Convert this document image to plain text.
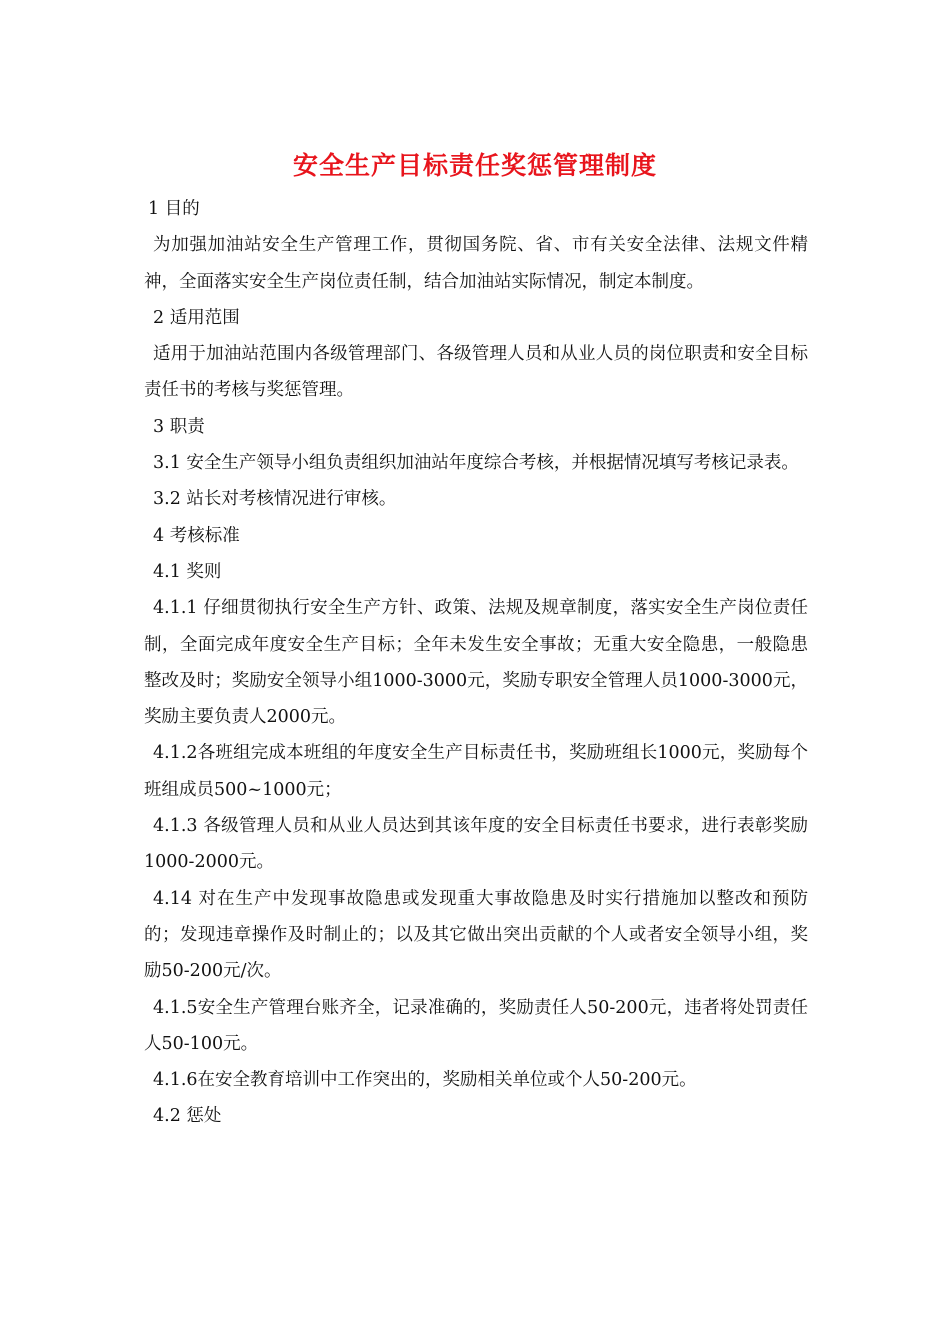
安全生产目标责任奖惩管理制度

1 目的

为加强加油站安全生产管理工作，贯彻国务院、省、市有关安全法律、法规文件精神，全面落实安全生产岗位责任制，结合加油站实际情况，制定本制度。

2 适用范围

适用于加油站范围内各级管理部门、各级管理人员和从业人员的岗位职责和安全目标责任书的考核与奖惩管理。

3 职责

3.1 安全生产领导小组负责组织加油站年度综合考核，并根据情况填写考核记录表。

3.2 站长对考核情况进行审核。

4 考核标准

4.1 奖则

4.1.1 仔细贯彻执行安全生产方针、政策、法规及规章制度，落实安全生产岗位责任制，全面完成年度安全生产目标；全年未发生安全事故；无重大安全隐患，一般隐患整改及时；奖励安全领导小组1000-3000元，奖励专职安全管理人员1000-3000元，奖励主要负责人2000元。

4.1.2各班组完成本班组的年度安全生产目标责任书，奖励班组长1000元，奖励每个班组成员500~1000元；

4.1.3 各级管理人员和从业人员达到其该年度的安全目标责任书要求，进行表彰奖励1000-2000元。

4.14 对在生产中发现事故隐患或发现重大事故隐患及时实行措施加以整改和预防的；发现违章操作及时制止的；以及其它做出突出贡献的个人或者安全领导小组，奖励50-200元/次。

4.1.5安全生产管理台账齐全，记录准确的，奖励责任人50-200元，违者将处罚责任人50-100元。

4.1.6在安全教育培训中工作突出的，奖励相关单位或个人50-200元。

4.2 惩处
